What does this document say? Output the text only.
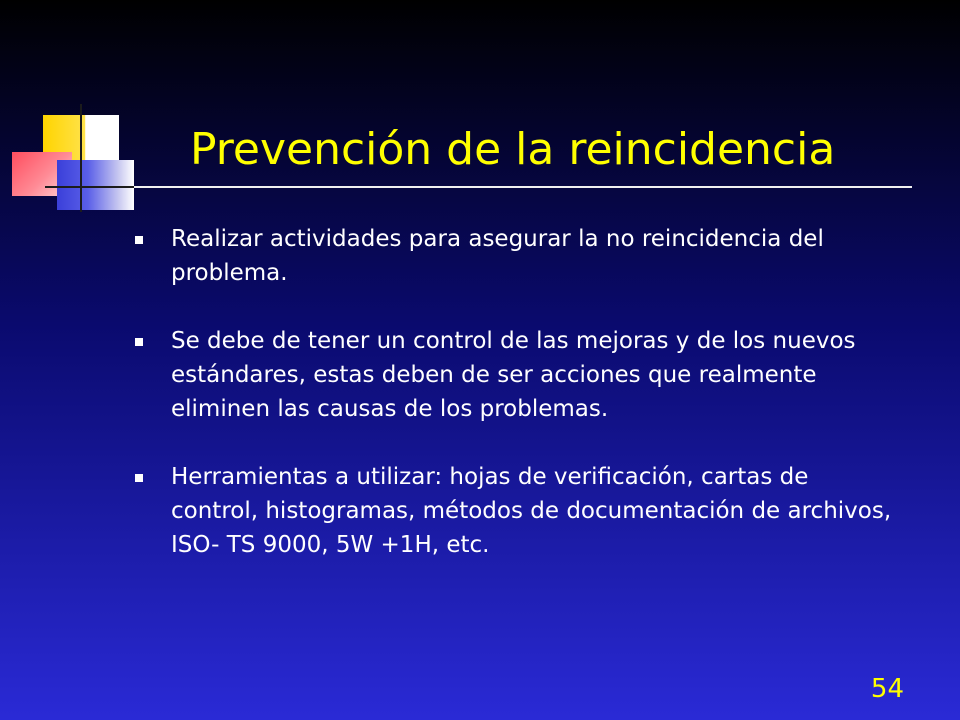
Prevención de la reincidencia
Realizar actividades para asegurar la no reincidencia del problema.
Se debe de tener un control de las mejoras y de los nuevos estándares, estas deben de ser acciones que realmente eliminen las causas de los problemas.
Herramientas a utilizar: hojas de verificación, cartas de control, histogramas, métodos de documentación de archivos, ISO- TS 9000, 5W +1H, etc.
54
